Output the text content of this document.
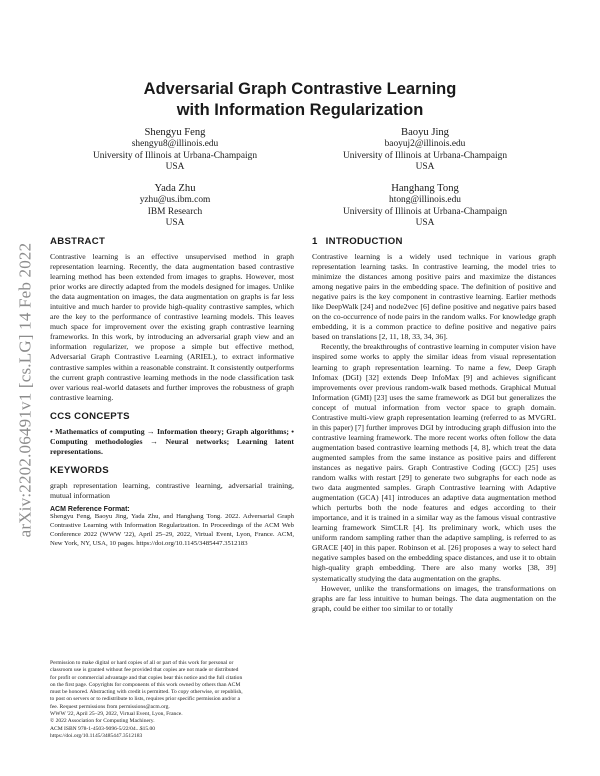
arXiv:2202.06491v1 [cs.LG] 14 Feb 2022
Adversarial Graph Contrastive Learning
with Information Regularization
Shengyu Feng
shengyu8@illinois.edu
University of Illinois at Urbana-Champaign
USA
Baoyu Jing
baoyuj2@illinois.edu
University of Illinois at Urbana-Champaign
USA
Yada Zhu
yzhu@us.ibm.com
IBM Research
USA
Hanghang Tong
htong@illinois.edu
University of Illinois at Urbana-Champaign
USA
ABSTRACT

Contrastive learning is an effective unsupervised method in graph representation learning. Recently, the data augmentation based contrastive learning method has been extended from images to graphs. However, most prior works are directly adapted from the models designed for images. Unlike the data augmentation on images, the data augmentation on graphs is far less intuitive and much harder to provide high-quality contrastive samples, which are the key to the performance of contrastive learning models. This leaves much space for improvement over the existing graph contrastive learning frameworks. In this work, by introducing an adversarial graph view and an information regularizer, we propose a simple but effective method, Adversarial Graph Contrastive Learning (ARIEL), to extract informative contrastive samples within a reasonable constraint. It consistently outperforms the current graph contrastive learning methods in the node classification task over various real-world datasets and further improves the robustness of graph contrastive learning.

CCS CONCEPTS

• Mathematics of computing → Information theory; Graph algorithms; • Computing methodologies → Neural networks; Learning latent representations.

KEYWORDS

graph representation learning, contrastive learning, adversarial training, mutual information

ACM Reference Format:

Shengyu Feng, Baoyu Jing, Yada Zhu, and Hanghang Tong. 2022. Adversarial Graph Contrastive Learning with Information Regularization. In Proceedings of the ACM Web Conference 2022 (WWW '22), April 25–29, 2022, Virtual Event, Lyon, France. ACM, New York, NY, USA, 10 pages. https://doi.org/10.1145/3485447.3512183

Permission to make digital or hard copies of all or part of this work for personal or
classroom use is granted without fee provided that copies are not made or distributed
for profit or commercial advantage and that copies bear this notice and the full citation
on the first page. Copyrights for components of this work owned by others than ACM
must be honored. Abstracting with credit is permitted. To copy otherwise, or republish,
to post on servers or to redistribute to lists, requires prior specific permission and/or a
fee. Request permissions from permissions@acm.org.
WWW '22, April 25–29, 2022, Virtual Event, Lyon, France.
© 2022 Association for Computing Machinery.
ACM ISBN 978-1-4503-9096-5/22/04...$15.00
https://doi.org/10.1145/3485447.3512183
1 INTRODUCTION

Contrastive learning is a widely used technique in various graph representation learning tasks. In contrastive learning, the model tries to minimize the distances among positive pairs and maximize the distances among negative pairs in the embedding space. The definition of positive and negative pairs is the key component in contrastive learning. Earlier methods like DeepWalk [24] and node2vec [6] define positive and negative pairs based on the co-occurrence of node pairs in the random walks. For knowledge graph embedding, it is a common practice to define positive and negative pairs based on translations [2, 11, 18, 33, 34, 36].

Recently, the breakthroughs of contrastive learning in computer vision have inspired some works to apply the similar ideas from visual representation learning to graph representation learning. To name a few, Deep Graph Infomax (DGI) [32] extends Deep InfoMax [9] and achieves significant improvements over previous random-walk based methods. Graphical Mutual Information (GMI) [23] uses the same framework as DGI but generalizes the concept of mutual information from vector space to graph domain. Contrastive multi-view graph representation learning (referred to as MVGRL in this paper) [7] further improves DGI by introducing graph diffusion into the contrastive learning framework. The more recent works often follow the data augmentation based contrastive learning methods [4, 8], which treat the data augmented samples from the same instance as positive pairs and different instances as negative pairs. Graph Contrastive Coding (GCC) [25] uses random walks with restart [29] to generate two subgraphs for each node as two data augmented samples. Graph Contrastive learning with Adaptive augmentation (GCA) [41] introduces an adaptive data augmentation method which perturbs both the node features and edges according to their importance, and it is trained in a similar way as the famous visual contrastive learning framework SimCLR [4]. Its preliminary work, which uses the uniform random sampling rather than the adaptive sampling, is referred to as GRACE [40] in this paper. Robinson et al. [26] proposes a way to select hard negative samples based on the embedding space distances, and use it to obtain high-quality graph embedding. There are also many works [38, 39] systematically studying the data augmentation on the graphs.

However, unlike the transformations on images, the transformations on graphs are far less intuitive to human beings. The data augmentation on the graph, could be either too similar to or totally
